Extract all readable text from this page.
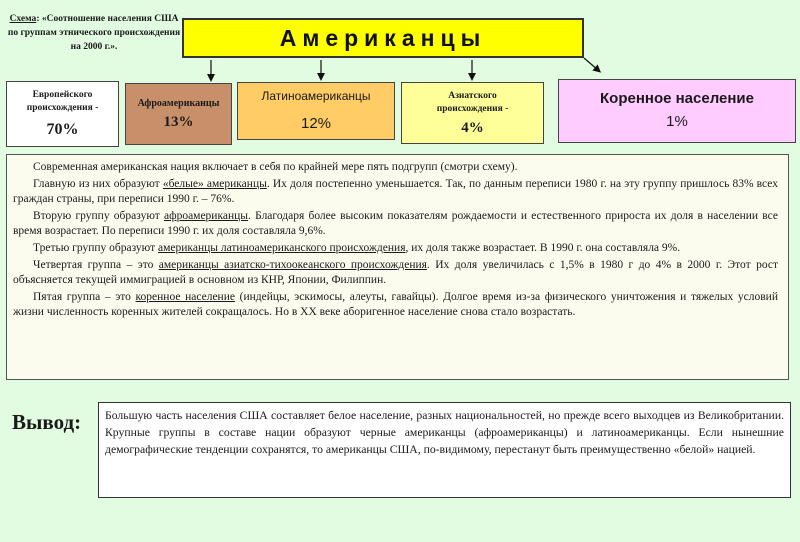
Схема: «Соотношение населения США по группам этнического происхождения на 2000 г.».	Американцы
Европейского происхождения -
70%
Афроамериканцы
13%
Латиноамериканцы
12%
Азиатского происхождения -
4%
Коренное население
1%

Современная американская нация включает в себя по крайней мере пять подгрупп (смотри схему).

Главную из них образуют «белые» американцы. Их доля постепенно уменьшается. Так, по данным переписи 1980 г. на эту группу пришлось 83% всех граждан страны, при переписи 1990 г. – 76%.

Вторую группу образуют афроамериканцы. Благодаря более высоким показателям рождаемости и естественного прироста их доля в населении все время возрастает. По переписи 1990 г. их доля составляла 9,6%.

Третью группу образуют американцы латиноамериканского происхождения, их доля также возрастает. В 1990 г. она составляла 9%.

Четвертая группа – это американцы азиатско-тихоокеанского происхождения. Их доля увеличилась с 1,5% в 1980 г до 4% в 2000 г. Этот рост объясняется текущей иммиграцией в основном из КНР, Японии, Филиппин.

Пятая группа – это коренное население (индейцы, эскимосы, алеуты, гавайцы). Долгое время из-за физического уничтожения и тяжелых условий жизни численность коренных жителей сокращалось. Но в XX веке аборигенное население снова стало возрастать.

Вывод:	Большую часть населения США составляет белое население, разных национальностей, но прежде всего выходцев из Великобритании. Крупные группы в составе нации образуют черные американцы (афроамериканцы) и латиноамериканцы. Если нынешние демографические тенденции сохранятся, то американцы США, по-видимому, перестанут быть преимущественно «белой» нацией.
